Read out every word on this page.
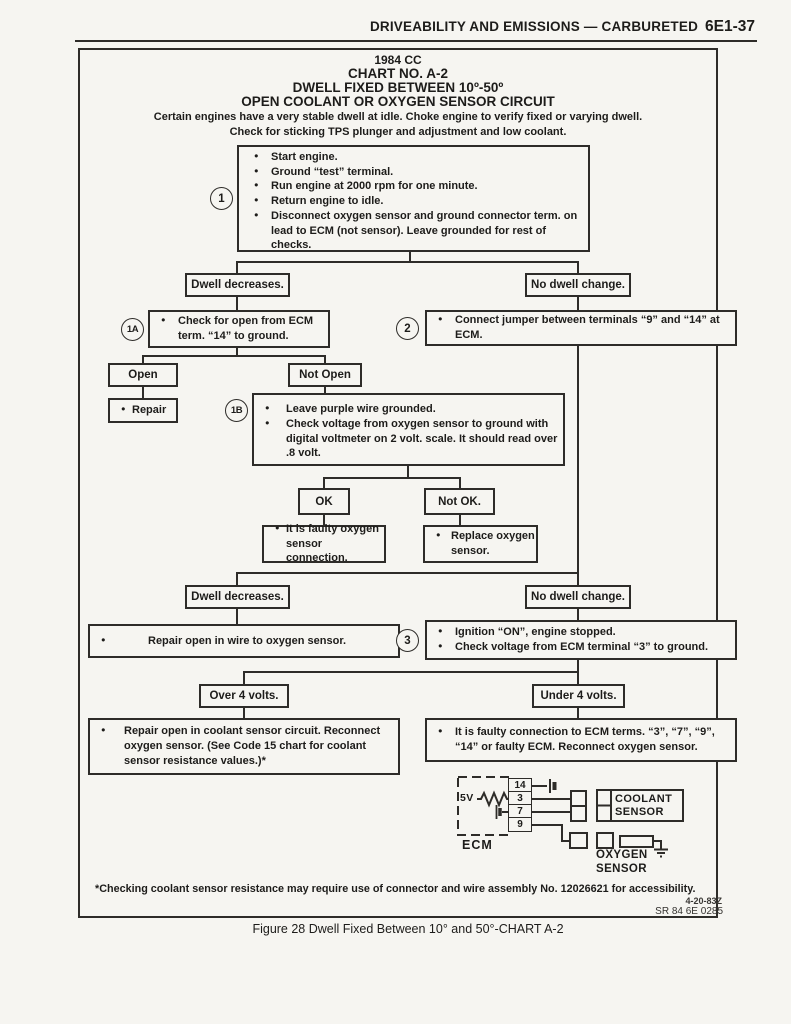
DRIVEABILITY AND EMISSIONS — CARBURETED 6E1-37
1984 CC
CHART NO. A-2
DWELL FIXED BETWEEN 10º-50º
OPEN COOLANT OR OXYGEN SENSOR CIRCUIT
Certain engines have a very stable dwell at idle. Choke engine to verify fixed or varying dwell.
Check for sticking TPS plunger and adjustment and low coolant.
1
● Start engine.
● Ground “test” terminal.
● Run engine at 2000 rpm for one minute.
● Return engine to idle.
● Disconnect oxygen sensor and ground connector term. on lead to ECM (not sensor). Leave grounded for rest of checks.
Dwell decreases.	No dwell change.
1A
● Check for open from ECM term. “14” to ground.
2
● Connect jumper between terminals “9” and “14” at ECM.
Open	Not Open
● Repair	1B	● Leave purple wire grounded.
● Check voltage from oxygen sensor to ground with digital voltmeter on 2 volt. scale. It should read over .8 volt.
OK	Not OK.
● It is faulty oxygen sensor connection.
● Replace oxygen sensor.
Dwell decreases.	No dwell change.
● Repair open in wire to oxygen sensor.	3
● Ignition “ON”, engine stopped.
● Check voltage from ECM terminal “3” to ground.
Over 4 volts.	Under 4 volts.
● Repair open in coolant sensor circuit. Reconnect oxygen sensor. (See Code 15 chart for coolant sensor resistance values.)*
● It is faulty connection to ECM terms. “3”, “7”, “9”, “14” or faulty ECM. Reconnect oxygen sensor.
5V
14
3
7
9
ECM
COOLANT SENSOR
OXYGEN SENSOR
*Checking coolant sensor resistance may require use of connector and wire assembly No. 12026621 for accessibility.
4-20-83Z
SR 84 6E 0285
Figure 28 Dwell Fixed Between 10° and 50°-CHART A-2
